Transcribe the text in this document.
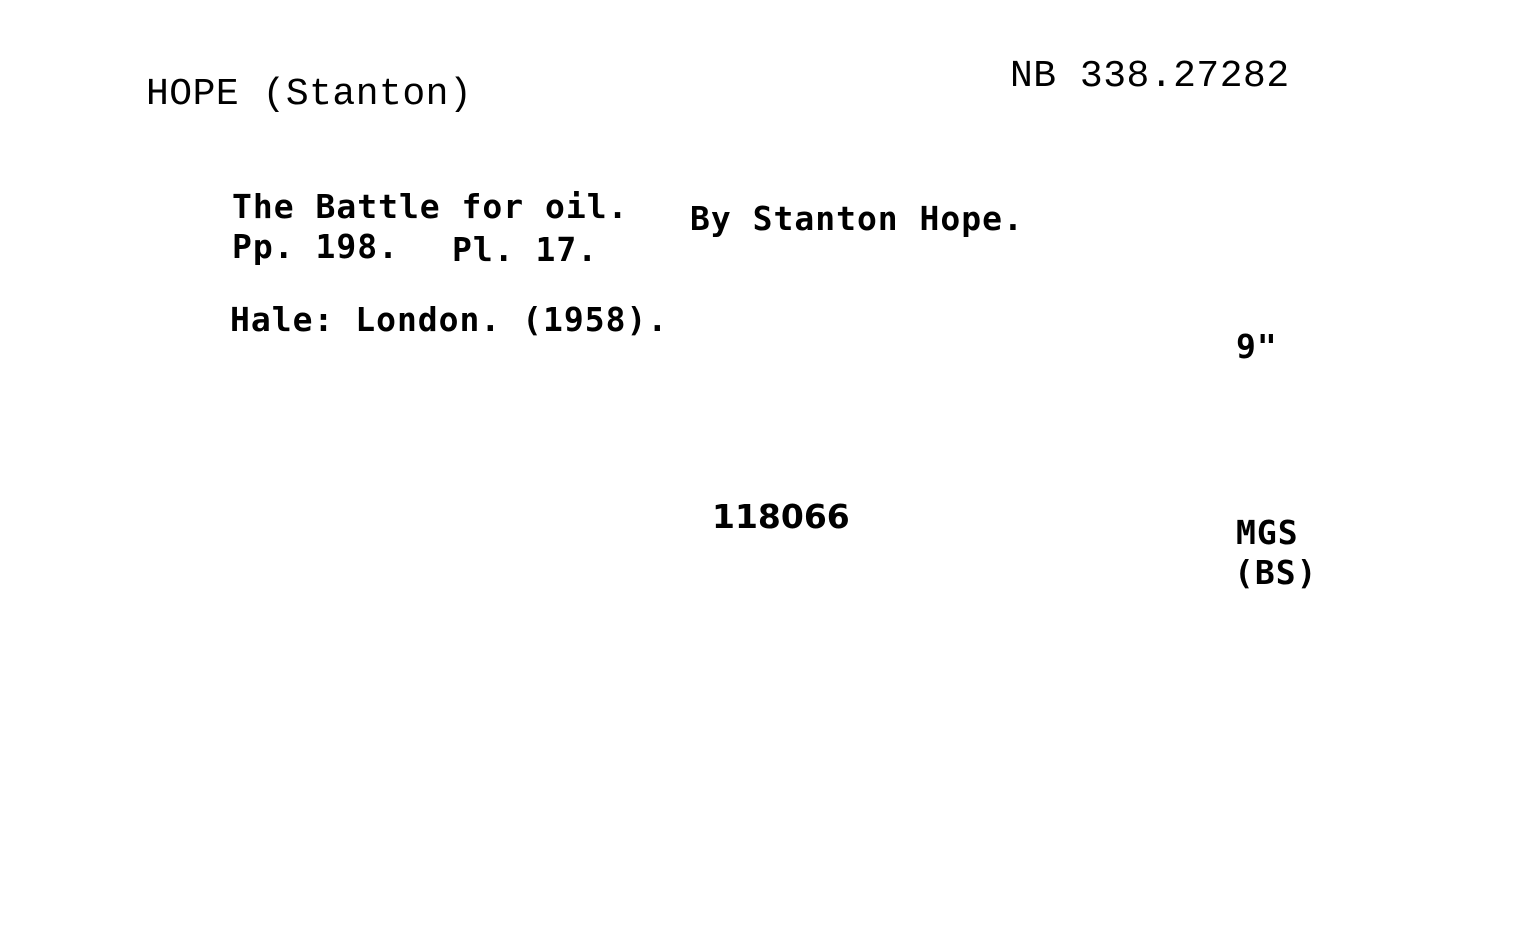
HOPE (Stanton)	NB 338.27282
The Battle for oil. By Stanton Hope.
Pp. 198. Pl. 17.
Hale: London. (1958).
9"
118066	MGS
(BS)
